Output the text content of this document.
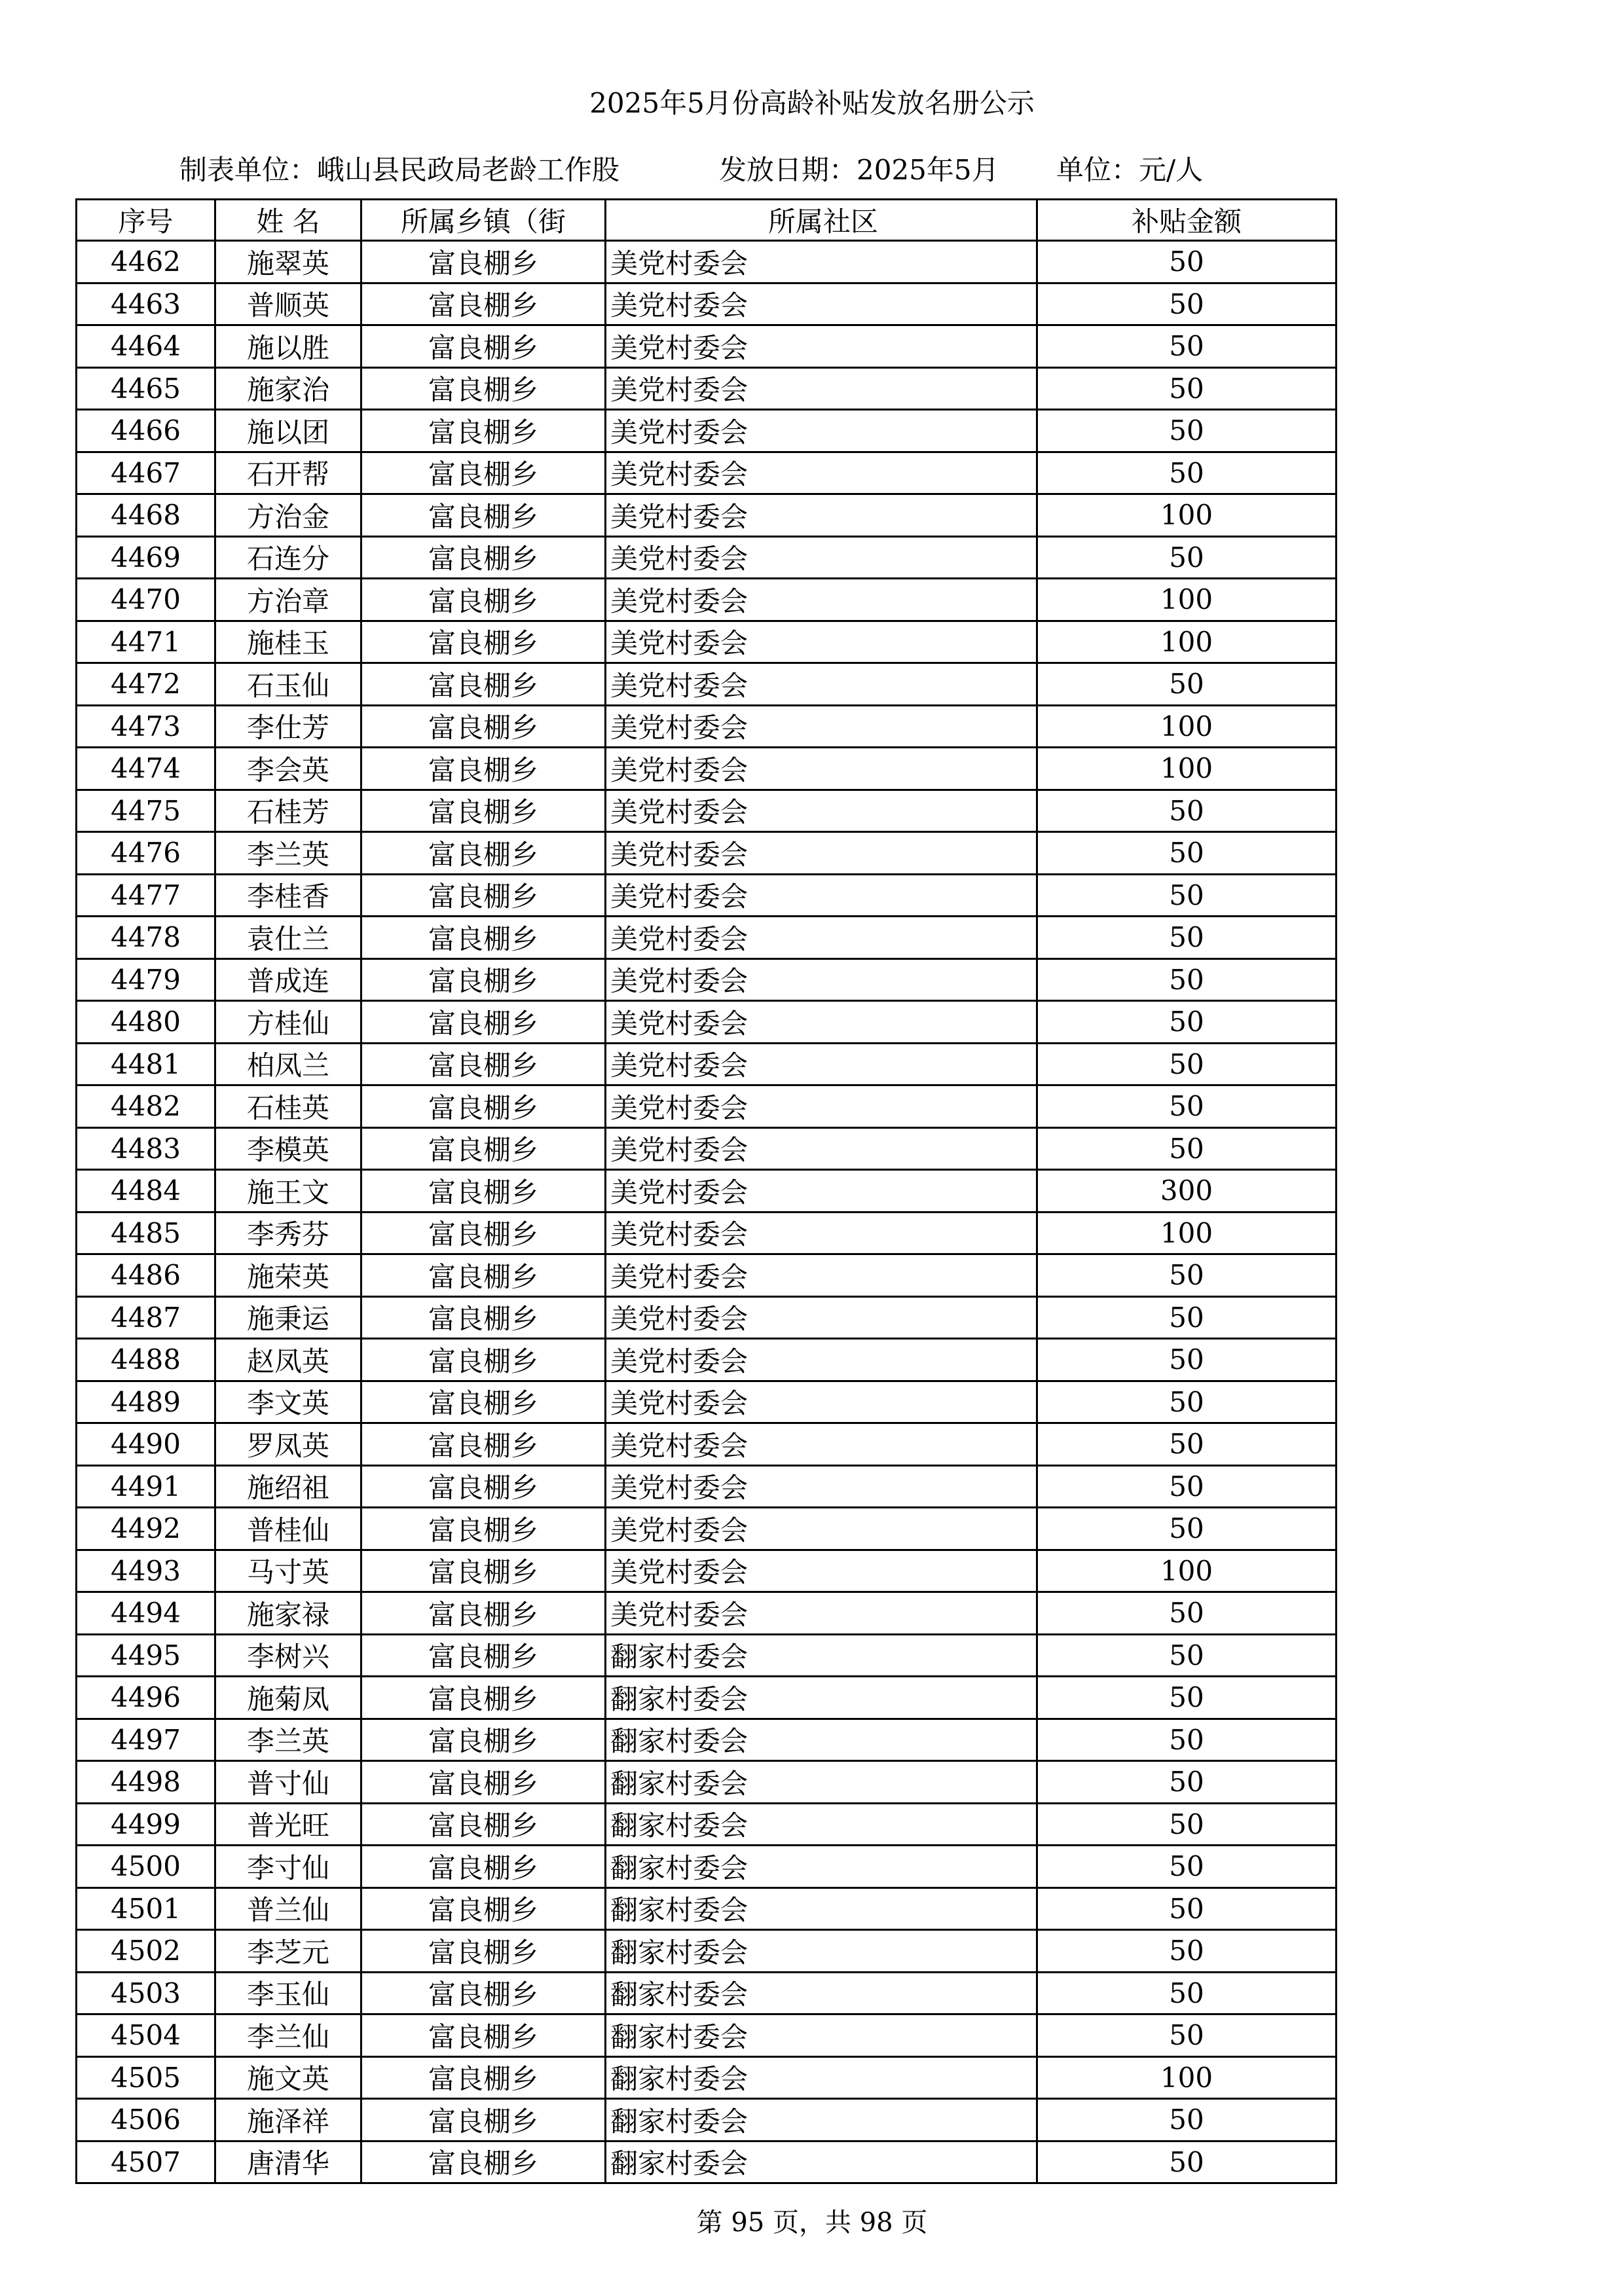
2025年5月份高龄补贴发放名册公示
制表单位：峨山县民政局老龄工作股	发放日期：2025年5月 单位：元/人
序号	姓 名	所属乡镇（街	所属社区	补贴金额
4462	施翠英	富良棚乡	美党村委会	50
4463	普顺英	富良棚乡	美党村委会	50
4464	施以胜	富良棚乡	美党村委会	50
4465	施家治	富良棚乡	美党村委会	50
4466	施以团	富良棚乡	美党村委会	50
4467	石开帮	富良棚乡	美党村委会	50
4468	方治金	富良棚乡	美党村委会	100
4469	石连分	富良棚乡	美党村委会	50
4470	方治章	富良棚乡	美党村委会	100
4471	施桂玉	富良棚乡	美党村委会	100
4472	石玉仙	富良棚乡	美党村委会	50
4473	李仕芳	富良棚乡	美党村委会	100
4474	李会英	富良棚乡	美党村委会	100
4475	石桂芳	富良棚乡	美党村委会	50
4476	李兰英	富良棚乡	美党村委会	50
4477	李桂香	富良棚乡	美党村委会	50
4478	袁仕兰	富良棚乡	美党村委会	50
4479	普成连	富良棚乡	美党村委会	50
4480	方桂仙	富良棚乡	美党村委会	50
4481	柏凤兰	富良棚乡	美党村委会	50
4482	石桂英	富良棚乡	美党村委会	50
4483	李模英	富良棚乡	美党村委会	50
4484	施王文	富良棚乡	美党村委会	300
4485	李秀芬	富良棚乡	美党村委会	100
4486	施荣英	富良棚乡	美党村委会	50
4487	施秉运	富良棚乡	美党村委会	50
4488	赵凤英	富良棚乡	美党村委会	50
4489	李文英	富良棚乡	美党村委会	50
4490	罗凤英	富良棚乡	美党村委会	50
4491	施绍祖	富良棚乡	美党村委会	50
4492	普桂仙	富良棚乡	美党村委会	50
4493	马寸英	富良棚乡	美党村委会	100
4494	施家禄	富良棚乡	美党村委会	50
4495	李树兴	富良棚乡	翻家村委会	50
4496	施菊凤	富良棚乡	翻家村委会	50
4497	李兰英	富良棚乡	翻家村委会	50
4498	普寸仙	富良棚乡	翻家村委会	50
4499	普光旺	富良棚乡	翻家村委会	50
4500	李寸仙	富良棚乡	翻家村委会	50
4501	普兰仙	富良棚乡	翻家村委会	50
4502	李芝元	富良棚乡	翻家村委会	50
4503	李玉仙	富良棚乡	翻家村委会	50
4504	李兰仙	富良棚乡	翻家村委会	50
4505	施文英	富良棚乡	翻家村委会	100
4506	施泽祥	富良棚乡	翻家村委会	50
4507	唐清华	富良棚乡	翻家村委会	50
第 95 页，共 98 页
